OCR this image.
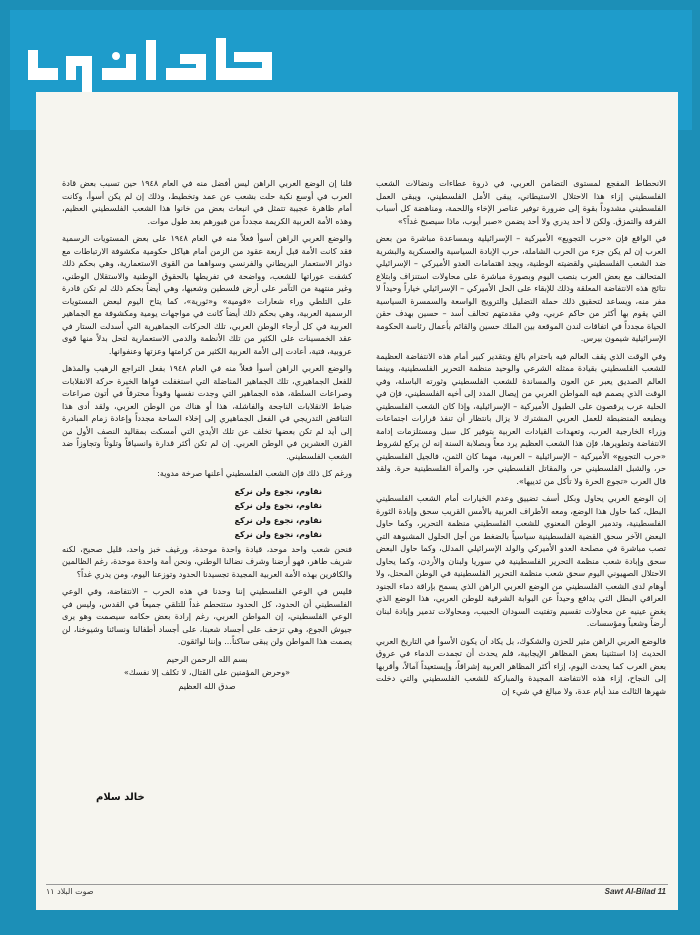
الانحطاط المفجع لمستوى التضامن العربي، في ذروة عطاءات ونضالات الشعب الفلسطيني إزاء هذا الاحتلال الاستيطاني، يبقى الأمل الفلسطيني، ويبقى العمل الفلسطيني مشدوداً بقوة إلى ضرورة توفير عناصر الإخاء واللحمة، ومناهضة كل أسباب الفرقة والتمزق. ولكن لا أحد يدري ولا أحد يضمن «صبر أيوب، ماذا سيصبح غداً؟»

في الواقع فإن «حرب التجويع» الأميركية – الإسرائيلية وبمساعدة مباشرة من بعض العرب إن لم يكن جزء من الحرب الشاملة، حرب الإبادة السياسية والعسكرية والبشرية ضد الشعب الفلسطيني ولقضيته الوطنية، ويجد اهتمامات العدو الأميركي – الإسرائيلي المتحالف مع بعض العرب بنصب اليوم وبصورة مباشرة على محاولات استنزاف وابتلاع نتائج هذه الانتفاضة المعلقة وذلك للإبقاء على الحل الأميركي – الإسرائيلي خياراً وحيداً لا مفر منه، ويساعد لتحقيق ذلك حملة التضليل والترويج الواسعة والسمسرة السياسية التي يقوم بها أكثر من حاكم عربي، وفي مقدمتهم تحالف أسد – حسين بهدف حقن الحياة مجدداً في اتفاقات لندن الموقعة بين الملك حسين والقائم بأعمال رئاسة الحكومة الإسرائيلية شيمون بيرس.

وفي الوقت الذي يقف العالم فيه باحترام بالغ وبتقدير كبير أمام هذه الانتفاضة العظيمة للشعب الفلسطيني بقيادة ممثله الشرعي والوحيد منظمة التحرير الفلسطينية، وبينما العالم الصديق يعبر عن العون والمساندة للشعب الفلسطيني وثورته الباسلة، وفي الوقت الذي يصمم فيه المواطن العربي من إيصال المدد إلى أخيه الفلسطيني، فإن في الحلبة عرب يرقصون على الطبول الأميركية – الإسرائيلية، وإذا كان الشعب الفلسطيني ويطبعه المنضبطة للعمل العربي المشترك لا يزال بانتظار أن تنفذ قرارات اجتماعات وزراء الخارجية العرب، وتعهدات القيادات العربية بتوفير كل سبل ومستلزمات إدامة الانتفاضة وتطويرها، فإن هذا الشعب العظيم يرد معاً وبصلابة السنة إنه لن يركع لشروط «حرب التجويع» الأميركية – الإسرائيلية – العربية، مهما كان الثمن، فالجيل الفلسطيني حر، والشبل الفلسطيني حر، والمقاتل الفلسطيني حر، والمرأة الفلسطينية حرة. ولقد قال العرب «تجوع الحرة ولا تأكل من ثدييها».

إن الوضع العربي يحاول وبكل أسف تضييق وعدم الخيارات أمام الشعب الفلسطيني البطل، كما حاول هذا الوضع، ومعه الأطراف العربية بالأمس القريب سحق وإبادة الثورة الفلسطينية، وتدمير الوطن المعنوي للشعب الفلسطيني منظمة التحرير، وكما حاول البعض الآخر سحق القضية الفلسطينية سياسياً بالضغط من أجل الحلول المشبوهة التي تصب مباشرة في مصلحة العدو الأميركي والولد الإسرائيلي المدلل، وكما حاول البعض سحق وإبادة شعب منظمة التحرير الفلسطينية في سوريا ولبنان والأردن، وكما يحاول الاحتلال الصهيوني اليوم سحق شعب منظمة التحرير الفلسطينية في الوطن المحتل، ولا أوهام لدى الشعب الفلسطيني من الوضع العربي الراهن الذي يسمح بإراقة دماء الجنود العراقي البطل التي يدافع وحيداً عن البوابة الشرقية للوطن العربي، هذا الوضع الذي يغض عينيه عن محاولات تقسيم وتفتيت السودان الحبيب، ومحاولات تدمير وإبادة لبنان أرضاً وشعباً ومؤسسات.

فالوضع العربي الراهن مثير للحزن والشكوك، بل يكاد أن يكون الأسوأ في التاريخ العربي الحديث إذا استثنينا بعض المظاهر الإيجابية، فلم يحدث أن تجمدت الدماء في عروق بعض العرب كما يحدث اليوم، إزاء أكثر المظاهر العربية إشراقاً، وإيستعيداً آمالاً، وأقربها إلى النجاح، إزاء هذه الانتفاضة المجيدة والمباركة للشعب الفلسطيني والتي دخلت شهرها الثالث منذ أيام عدة، ولا مبالغ في شيء إن

قلنا إن الوضع العربي الراهن ليس أفضل منه في العام ١٩٤٨ حين تسبب بعض قادة العرب في أوسع نكبة حلت بشعب عن عمد وتخطيط، وذلك إن لم يكن أسوأ، وكانت أمام ظاهرة عجيبة تتمثل في انبعاث بعض من خانوا هذا الشعب الفلسطيني العظيم، وهذه الأمة العربية الكريمة مجدداً من قبورهم بعد طول موات.

والوضع العربي الراهن أسوأ فعلاً منه في العام ١٩٤٨ على بعض المستويات الرسمية فقد كانت الأمة قبل أربعة عقود من الزمن أمام هياكل حكومية مكشوفة الارتباطات مع دوائر الاستعمار البريطاني والفرنسي وسواهما من القوى الاستعمارية، وهي بحكم ذلك كشفت عوراتها للشعب، وواضحة في تفريطها بالحقوق الوطنية والاستقلال الوطني، وغير منتهية من التآمر على أرض فلسطين وشعبها، وهي أيضاً بحكم ذلك لم تكن قادرة على التلطي وراء شعارات «قومية» و«ثورية»، كما يتاح اليوم لبعض المستويات الرسمية العربية، وهي بحكم ذلك أيضاً كانت في مواجهات يومية ومكشوفة مع الجماهير العربية في كل أرجاء الوطن العربي، تلك الحركات الجماهيرية التي أسدلت الستار في عقد الخمسينات على الكثير من تلك الأنظمة والدمى الاستعمارية لتحل بدلاً منها قوى عروبية، فتية، أعادت إلى الأمة العربية الكثير من كرامتها وعزتها وعنفوانها.

والوضع العربي الراهن أسوأ فعلاً منه في العام ١٩٤٨ بفعل التراجع الرهيب والمذهل للفعل الجماهيري، تلك الجماهير المناضلة التي استغفلت قواها الخيرة حركة الانقلابات وصراعات السلطة، هذه الجماهير التي وجدت نفسها وقوداً محترقاً في أتون صراعات ضباط الانقلابات الناجحة والفاشلة، هذا أو هناك من الوطن العربي، ولقد أدى هذا التناقض التدريجي في الفعل الجماهيري إلى إخلاء الساحة مجدداً وإعادة زمام المبادرة إلى أيد لم تكن بعضها تخلف عن تلك الأيدي التي أمسكت بمقاليد النصف الأول من القرن العشرين في الوطن العربي. إن لم تكن أكثر قدارة وانسياقاً وتلوثاً وتجاوزاً ضد الشعب الفلسطيني.

ورغم كل ذلك فإن الشعب الفلسطيني أعلنها صرخة مدوية:

نقاوم، نجوع ولن نركع
نقاوم، نجوع ولن نركع
نقاوم، نجوع ولن نركع
نقاوم، نجوع ولن نركع

فنحن شعب واحد موحد، قيادة واحدة موحدة، ورغيف خبز واحد، قليل صحيح، لكنه شريف طاهر، فهو أرضنا وشرف نضالنا الوطني، ونحن أمة واحدة موحدة، رغم الظالمين والكافرين بهذه الأمة العربية المجيدة تجسيدنا الحدود وتوزعنا اليوم، ومن يدري غداً؟

فليس في الوعي الفلسطيني إننا وحدنا في هذه الحرب – الانتفاضة، وفي الوعي الفلسطيني أن الحدود، كل الحدود ستتحطم غداً للتلقي جميعاً في القدس، وليس في الوعي الفلسطيني، إن المواطن العربي، رغم إرادة بعض حكامه سيصمت وهو يرى جيوش الجوع، وهي تزحف على أجساد شعبنا، على أجساد أطفالنا ونسائنا وشيوخنا، لن يصمت هذا المواطن ولن يبقى ساكناً... وإننا لواثقون.

بسم الله الرحمن الرحيم
«وحرض المؤمنين على القتال، لا تكلف إلا نفسك»
صدق الله العظيم
خالد سلام
صوت البلاد ١١	Sawt Al-Bilad 11
